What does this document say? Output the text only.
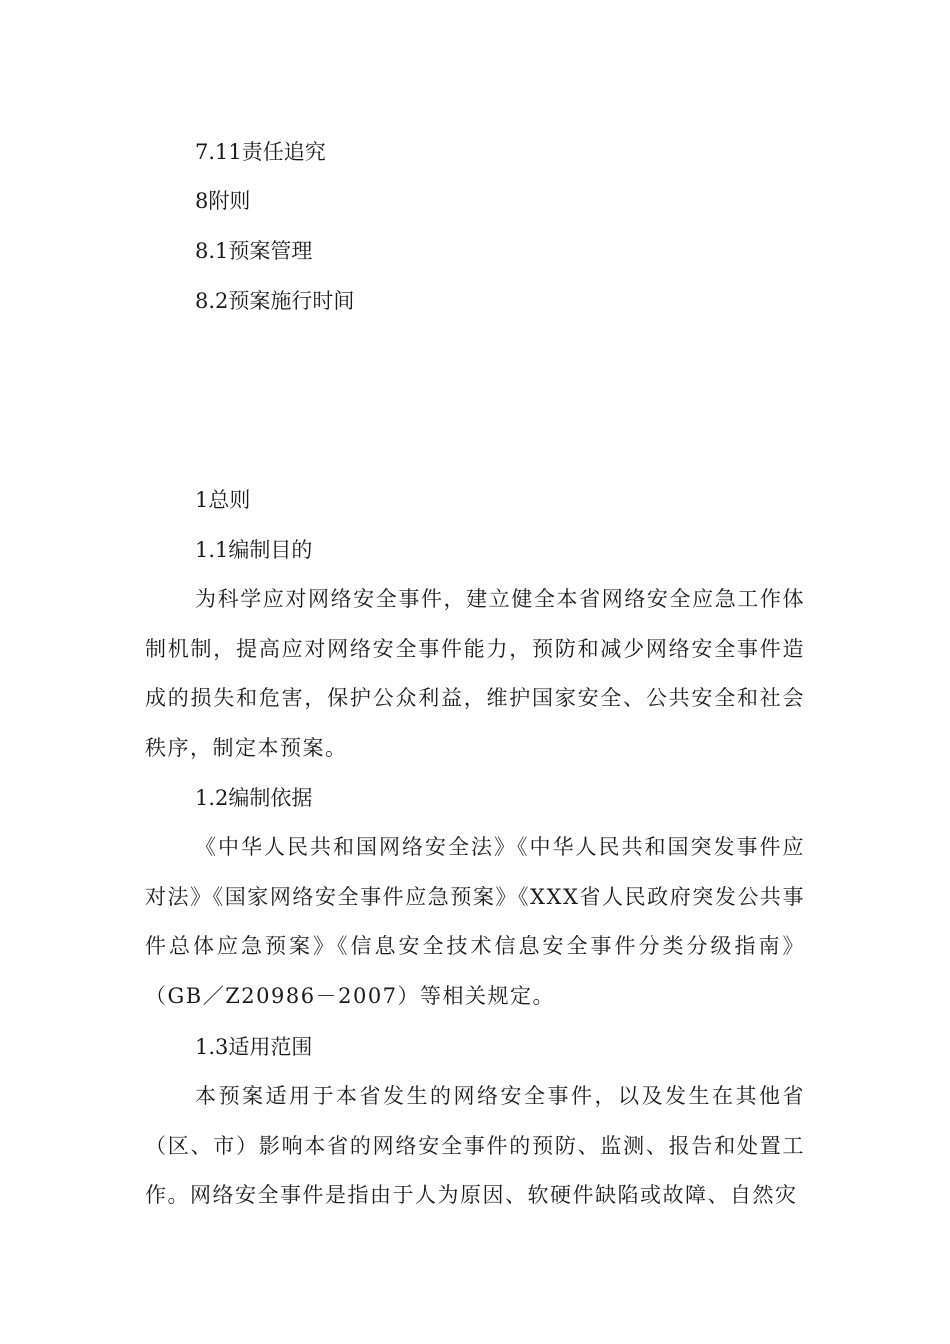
7.11责任追究
8附则
8.1预案管理
8.2预案施行时间
1总则
1.1编制目的
为科学应对网络安全事件，建立健全本省网络安全应急工作体制机制，提高应对网络安全事件能力，预防和减少网络安全事件造成的损失和危害，保护公众利益，维护国家安全、公共安全和社会秩序，制定本预案。
1.2编制依据
《中华人民共和国网络安全法》《中华人民共和国突发事件应对法》《国家网络安全事件应急预案》《XXX省人民政府突发公共事件总体应急预案》《信息安全技术信息安全事件分类分级指南》（GB／Z20986－2007）等相关规定。
1.3适用范围
本预案适用于本省发生的网络安全事件，以及发生在其他省（区、市）影响本省的网络安全事件的预防、监测、报告和处置工作。网络安全事件是指由于人为原因、软硬件缺陷或故障、自然灾
